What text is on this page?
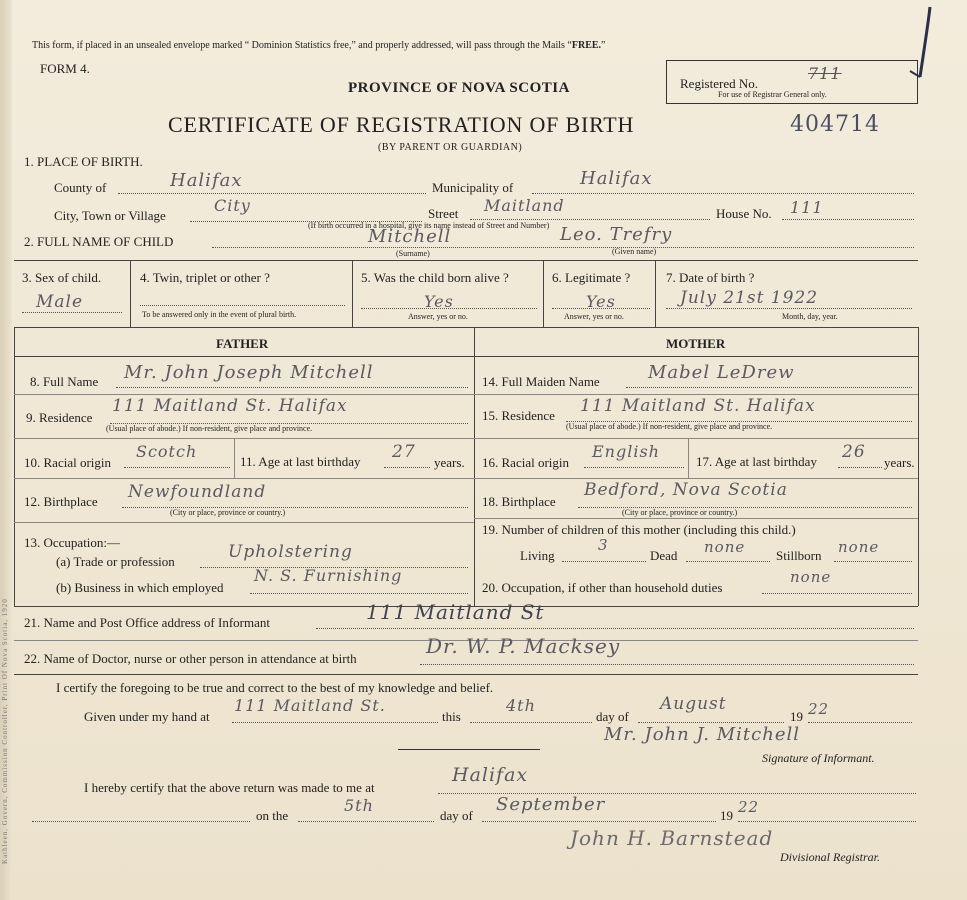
Kathleen, Govern, Commission Controller, Print Of Nova Scotia, 1920
This form, if placed in an unsealed envelope marked “ Dominion Statistics free,” and properly addressed, will pass through the Mails “FREE.”
FORM 4.
PROVINCE OF NOVA SCOTIA	Registered No.
711
For use of Registrar General only.
CERTIFICATE OF REGISTRATION OF BIRTH	404714
(BY PARENT OR GUARDIAN)
1. PLACE OF BIRTH.
County of	Halifax	Municipality of	Halifax
City, Town or Village
City	Street Maitland
(If birth occurred in a hospital, give its name instead of Street and Number)
House No. 111
2. FULL NAME OF CHILD	Mitchell	Leo. Trefry
(Surname)	(Given name)
3. Sex of child.
Male
4. Twin, triplet or other ?
To be answered only in the event of plural birth.
5. Was the child born alive ?
Yes
Answer, yes or no.
6. Legitimate ?
Yes
Answer, yes or no.
7. Date of birth ?
July 21st 1922
Month, day, year.
FATHER	MOTHER
8. Full Name Mr. John Joseph Mitchell
9. Residence
111 Maitland St. Halifax
(Usual place of abode.) If non-resident, give place and province.
10. Racial origin
Scotch
11. Age at last birthday 27
years.
12. Birthplace Newfoundland
(City or place, province or country.)
13. Occupation:—
(a) Trade or profession	Upholstering
(b) Business in which employed
N. S. Furnishing
14. Full Maiden Name	Mabel LeDrew
15. Residence 111 Maitland St. Halifax
(Usual place of abode.) If non-resident, give place and province.
16. Racial origin
English
17. Age at last birthday 26
years.
18. Birthplace
Bedford, Nova Scotia
(City or place, province or country.)
19. Number of children of this mother (including this child.)
Living
3
Dead none Stillborn none
20. Occupation, if other than household duties
none
21. Name and Post Office address of Informant	111 Maitland St
22. Name of Doctor, nurse or other person in attendance at birth
Dr. W. P. Macksey
I certify the foregoing to be true and correct to the best of my knowledge and belief.
Given under my hand at
111 Maitland St.
this
4th
day of
August
19 22
Mr. John J. Mitchell
Signature of Informant.
I hereby certify that the above return was made to me at
Halifax
on the
5th
day of
September
19 22
John H. Barnstead
Divisional Registrar.
